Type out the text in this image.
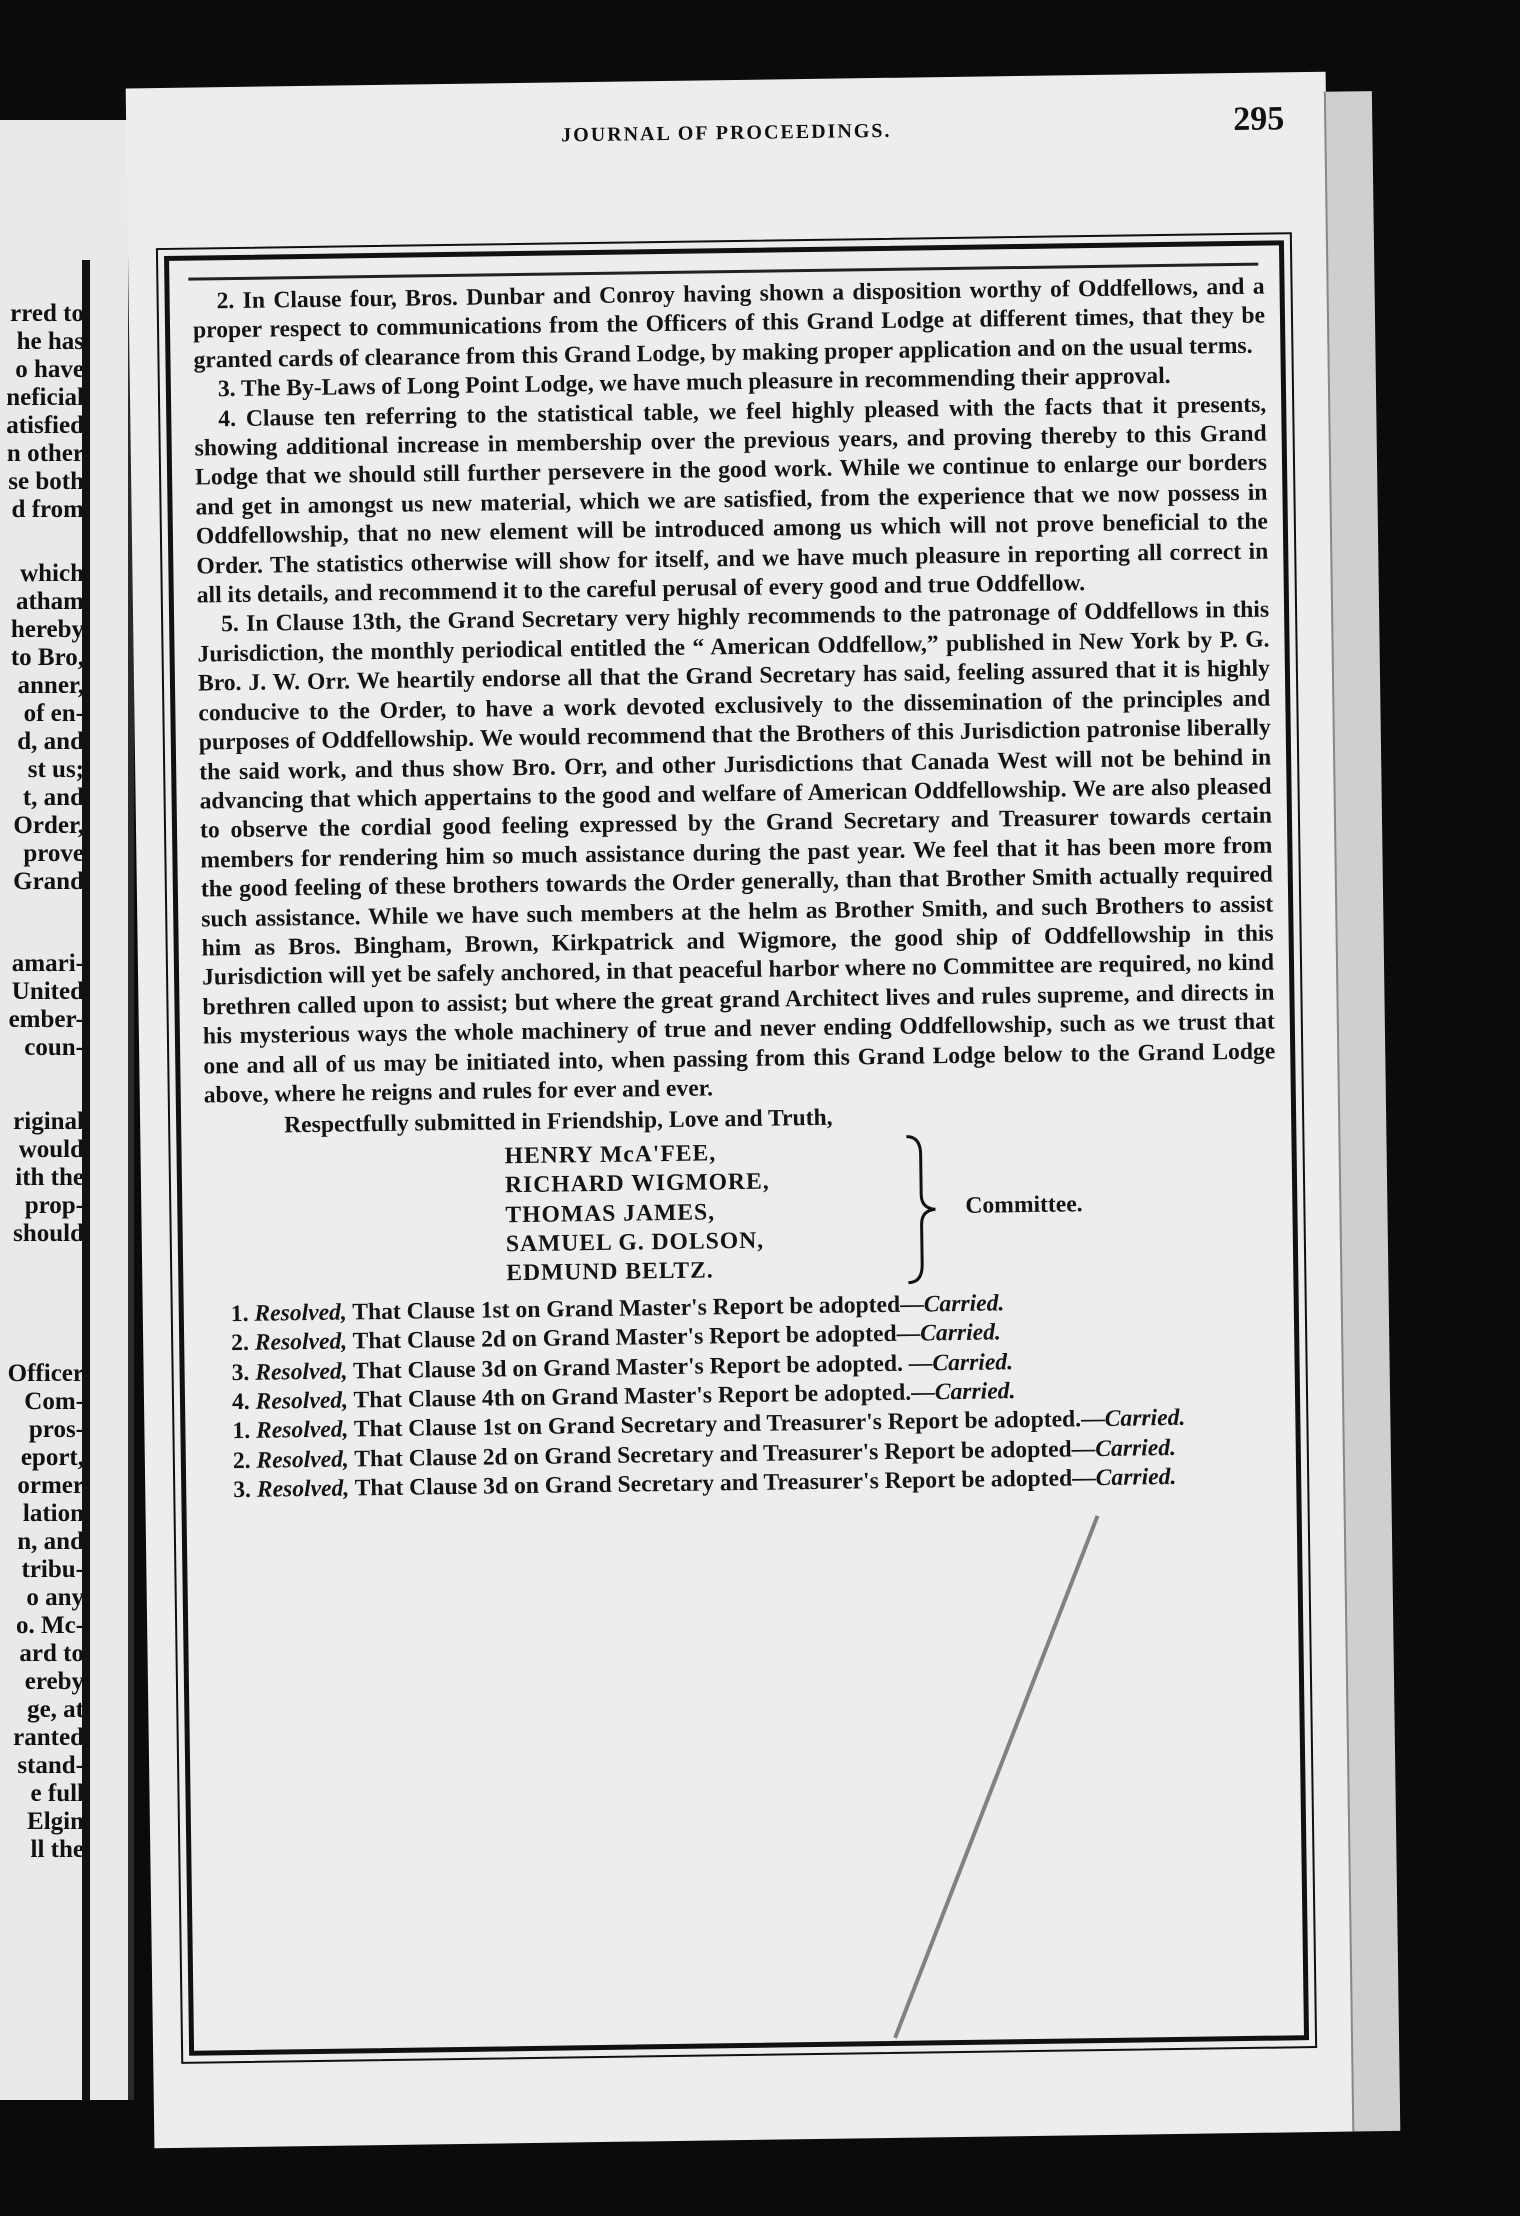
rred to
he has
o have
neficial
atisfied
n other
se both
d from
which
atham
hereby
to Bro,
anner,
of en-
d, and
st us;
t, and
Order,
prove
Grand
amari-
United
ember-
coun-
riginal
would
ith the
prop-
should
Officer
Com-
pros-
eport,
ormer
lation
n, and
tribu-
o any
o. Mc-
ard to
ereby
ge, at
ranted
stand-
e full
Elgin
ll the
JOURNAL OF PROCEEDINGS.	295

2. In Clause four, Bros. Dunbar and Conroy having shown a disposition worthy of Oddfellows, and a proper respect to communications from the Officers of this Grand Lodge at different times, that they be granted cards of clearance from this Grand Lodge, by making proper application and on the usual terms.

3. The By-Laws of Long Point Lodge, we have much pleasure in recommending their approval.

4. Clause ten referring to the statistical table, we feel highly pleased with the facts that it presents, showing additional increase in membership over the previous years, and proving thereby to this Grand Lodge that we should still further persevere in the good work. While we continue to enlarge our borders and get in amongst us new material, which we are satisfied, from the experience that we now possess in Oddfellowship, that no new element will be introduced among us which will not prove beneficial to the Order. The statistics otherwise will show for itself, and we have much pleasure in reporting all correct in all its details, and recommend it to the careful perusal of every good and true Oddfellow.

5. In Clause 13th, the Grand Secretary very highly recommends to the patronage of Oddfellows in this Jurisdiction, the monthly periodical entitled the “ American Oddfellow,” published in New York by P. G. Bro. J. W. Orr. We heartily endorse all that the Grand Secretary has said, feeling assured that it is highly conducive to the Order, to have a work devoted exclusively to the dissemination of the principles and purposes of Oddfellowship. We would recommend that the Brothers of this Jurisdiction patronise liberally the said work, and thus show Bro. Orr, and other Jurisdictions that Canada West will not be behind in advancing that which appertains to the good and welfare of American Oddfellowship. We are also pleased to observe the cordial good feeling expressed by the Grand Secretary and Treasurer towards certain members for rendering him so much assistance during the past year. We feel that it has been more from the good feeling of these brothers towards the Order generally, than that Brother Smith actually required such assistance. While we have such members at the helm as Brother Smith, and such Brothers to assist him as Bros. Bingham, Brown, Kirkpatrick and Wigmore, the good ship of Oddfellowship in this Jurisdiction will yet be safely anchored, in that peaceful harbor where no Committee are required, no kind brethren called upon to assist; but where the great grand Architect lives and rules supreme, and directs in his mysterious ways the whole machinery of true and never ending Oddfellowship, such as we trust that one and all of us may be initiated into, when passing from this Grand Lodge below to the Grand Lodge above, where he reigns and rules for ever and ever.

Respectfully submitted in Friendship, Love and Truth,

HENRY McA'FEE,
RICHARD WIGMORE,
THOMAS JAMES,
SAMUEL G. DOLSON,
EDMUND BELTZ.
Committee.

1. Resolved, That Clause 1st on Grand Master's Report be adopted—Carried.

2. Resolved, That Clause 2d on Grand Master's Report be adopted—Carried.

3. Resolved, That Clause 3d on Grand Master's Report be adopted. —Carried.

4. Resolved, That Clause 4th on Grand Master's Report be adopted.—Carried.

1. Resolved, That Clause 1st on Grand Secretary and Treasurer's Report be adopted.—Carried.

2. Resolved, That Clause 2d on Grand Secretary and Treasurer's Report be adopted—Carried.

3. Resolved, That Clause 3d on Grand Secretary and Treasurer's Report be adopted—Carried.
